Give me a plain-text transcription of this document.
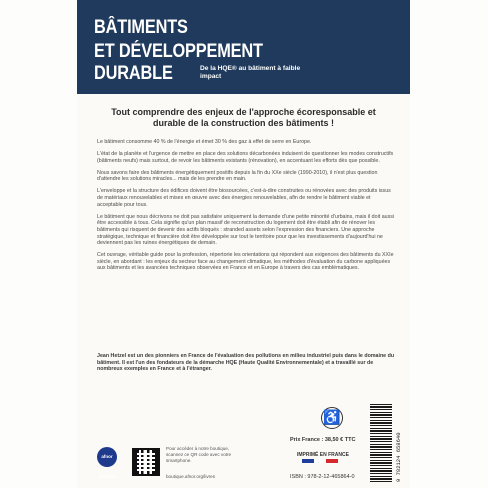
BÂTIMENTS
ET DÉVELOPPEMENT
DURABLE	De la HQE® au bâtiment à faible impact
Tout comprendre des enjeux de l'approche écoresponsable et durable de la construction des bâtiments !

Le bâtiment consomme 40 % de l'énergie et émet 30 % des gaz à effet de serre en Europe.

L'état de la planète et l'urgence de mettre en place des solutions décarbonées induisent de questionner les modes constructifs (bâtiments neufs) mais surtout, de revoir les bâtiments existants (rénovation), en accentuant les efforts dès que possible.

Nous savons faire des bâtiments énergétiquement positifs depuis la fin du XXe siècle (1990-2010), il n'est plus question d'attendre les solutions miracles... mais de les prendre en main.

L'enveloppe et la structure des édifices doivent être biosourcées, c'est-à-dire construites ou rénovées avec des produits issus de matériaux renouvelables et mises en œuvre avec des énergies renouvelables, afin de rendre le bâtiment viable et acceptable pour tous.

Le bâtiment que nous décrivons ne doit pas satisfaire uniquement la demande d'une petite minorité d'urbains, mais il doit aussi être accessible à tous. Cela signifie qu'un plan massif de reconstruction du logement doit être établi afin de rénover les bâtiments qui risquent de devenir des actifs bloqués : stranded assets selon l'expression des financiers. Une approche stratégique, technique et financière doit être développée sur tout le territoire pour que les investissements d'aujourd'hui ne deviennent pas les ruines énergétiques de demain.

Cet ouvrage, véritable guide pour la profession, répertorie les orientations qui répondent aux exigences des bâtiments du XXIe siècle, en abordant : les enjeux du secteur face au changement climatique, les méthodes d'évaluation du carbone appliquées aux bâtiments et les avancées techniques observées en France et en Europe à travers des cas emblématiques.

Jean Hetzel est un des pionniers en France de l'évaluation des pollutions en milieu industriel puis dans le domaine du bâtiment. Il est l'un des fondateurs de la démarche HQE (Haute Qualité Environnementale) et a travaillé sur de nombreux exemples en France et à l'étranger.
afnor éditions
Pour accéder à notre boutique, scannez ce QR code avec votre smartphone.
boutique.afnor.org/livres
♿
Prix France : 38,50 € TTC
IMPRIMÉ EN FRANCE
ISBN : 978-2-12-465864-0	9 782124 658640
